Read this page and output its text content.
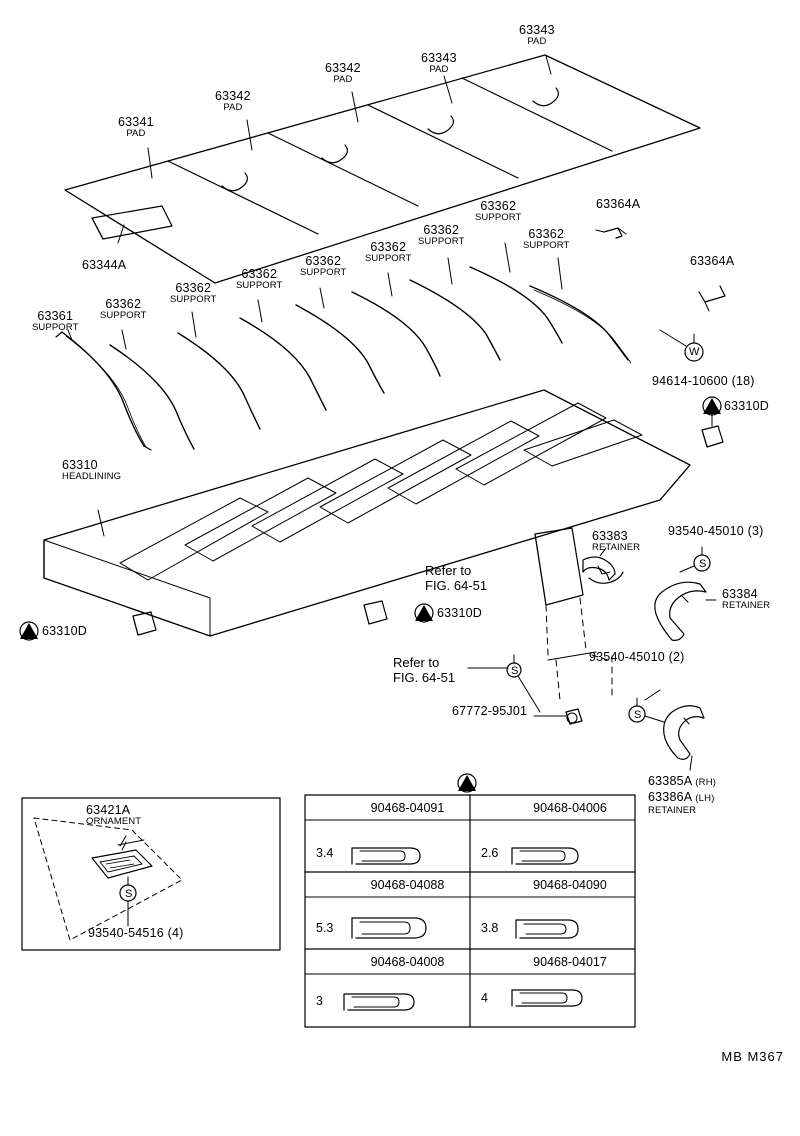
63343
PAD
63342
PAD
63343
PAD
63342
PAD
63341
PAD
63344A
63364A
63364A
63362
SUPPORT
63362
SUPPORT	63362
SUPPORT
63362
SUPPORT
63362
SUPPORT
63362
SUPPORT
63362
SUPPORT
63362
SUPPORT
63361
SUPPORT
63310
HEADLINING
63383
RETAINER
63384
RETAINER
63385A (RH)
63386A (LH)
RETAINER
63421A
ORNAMENT
94614-10600 (18)
93540-45010 (3)
93540-45010 (2)
67772-95J01
93540-54516 (4)
63310D
63310D
63310D
Refer to
FIG. 64-51
Refer to
FIG. 64-51
W
S
S
S
S
90468-04091	90468-04006
3.4	2.6
90468-04088	90468-04090
5.3	3.8
90468-04008	90468-04017
3	4
MB M367
